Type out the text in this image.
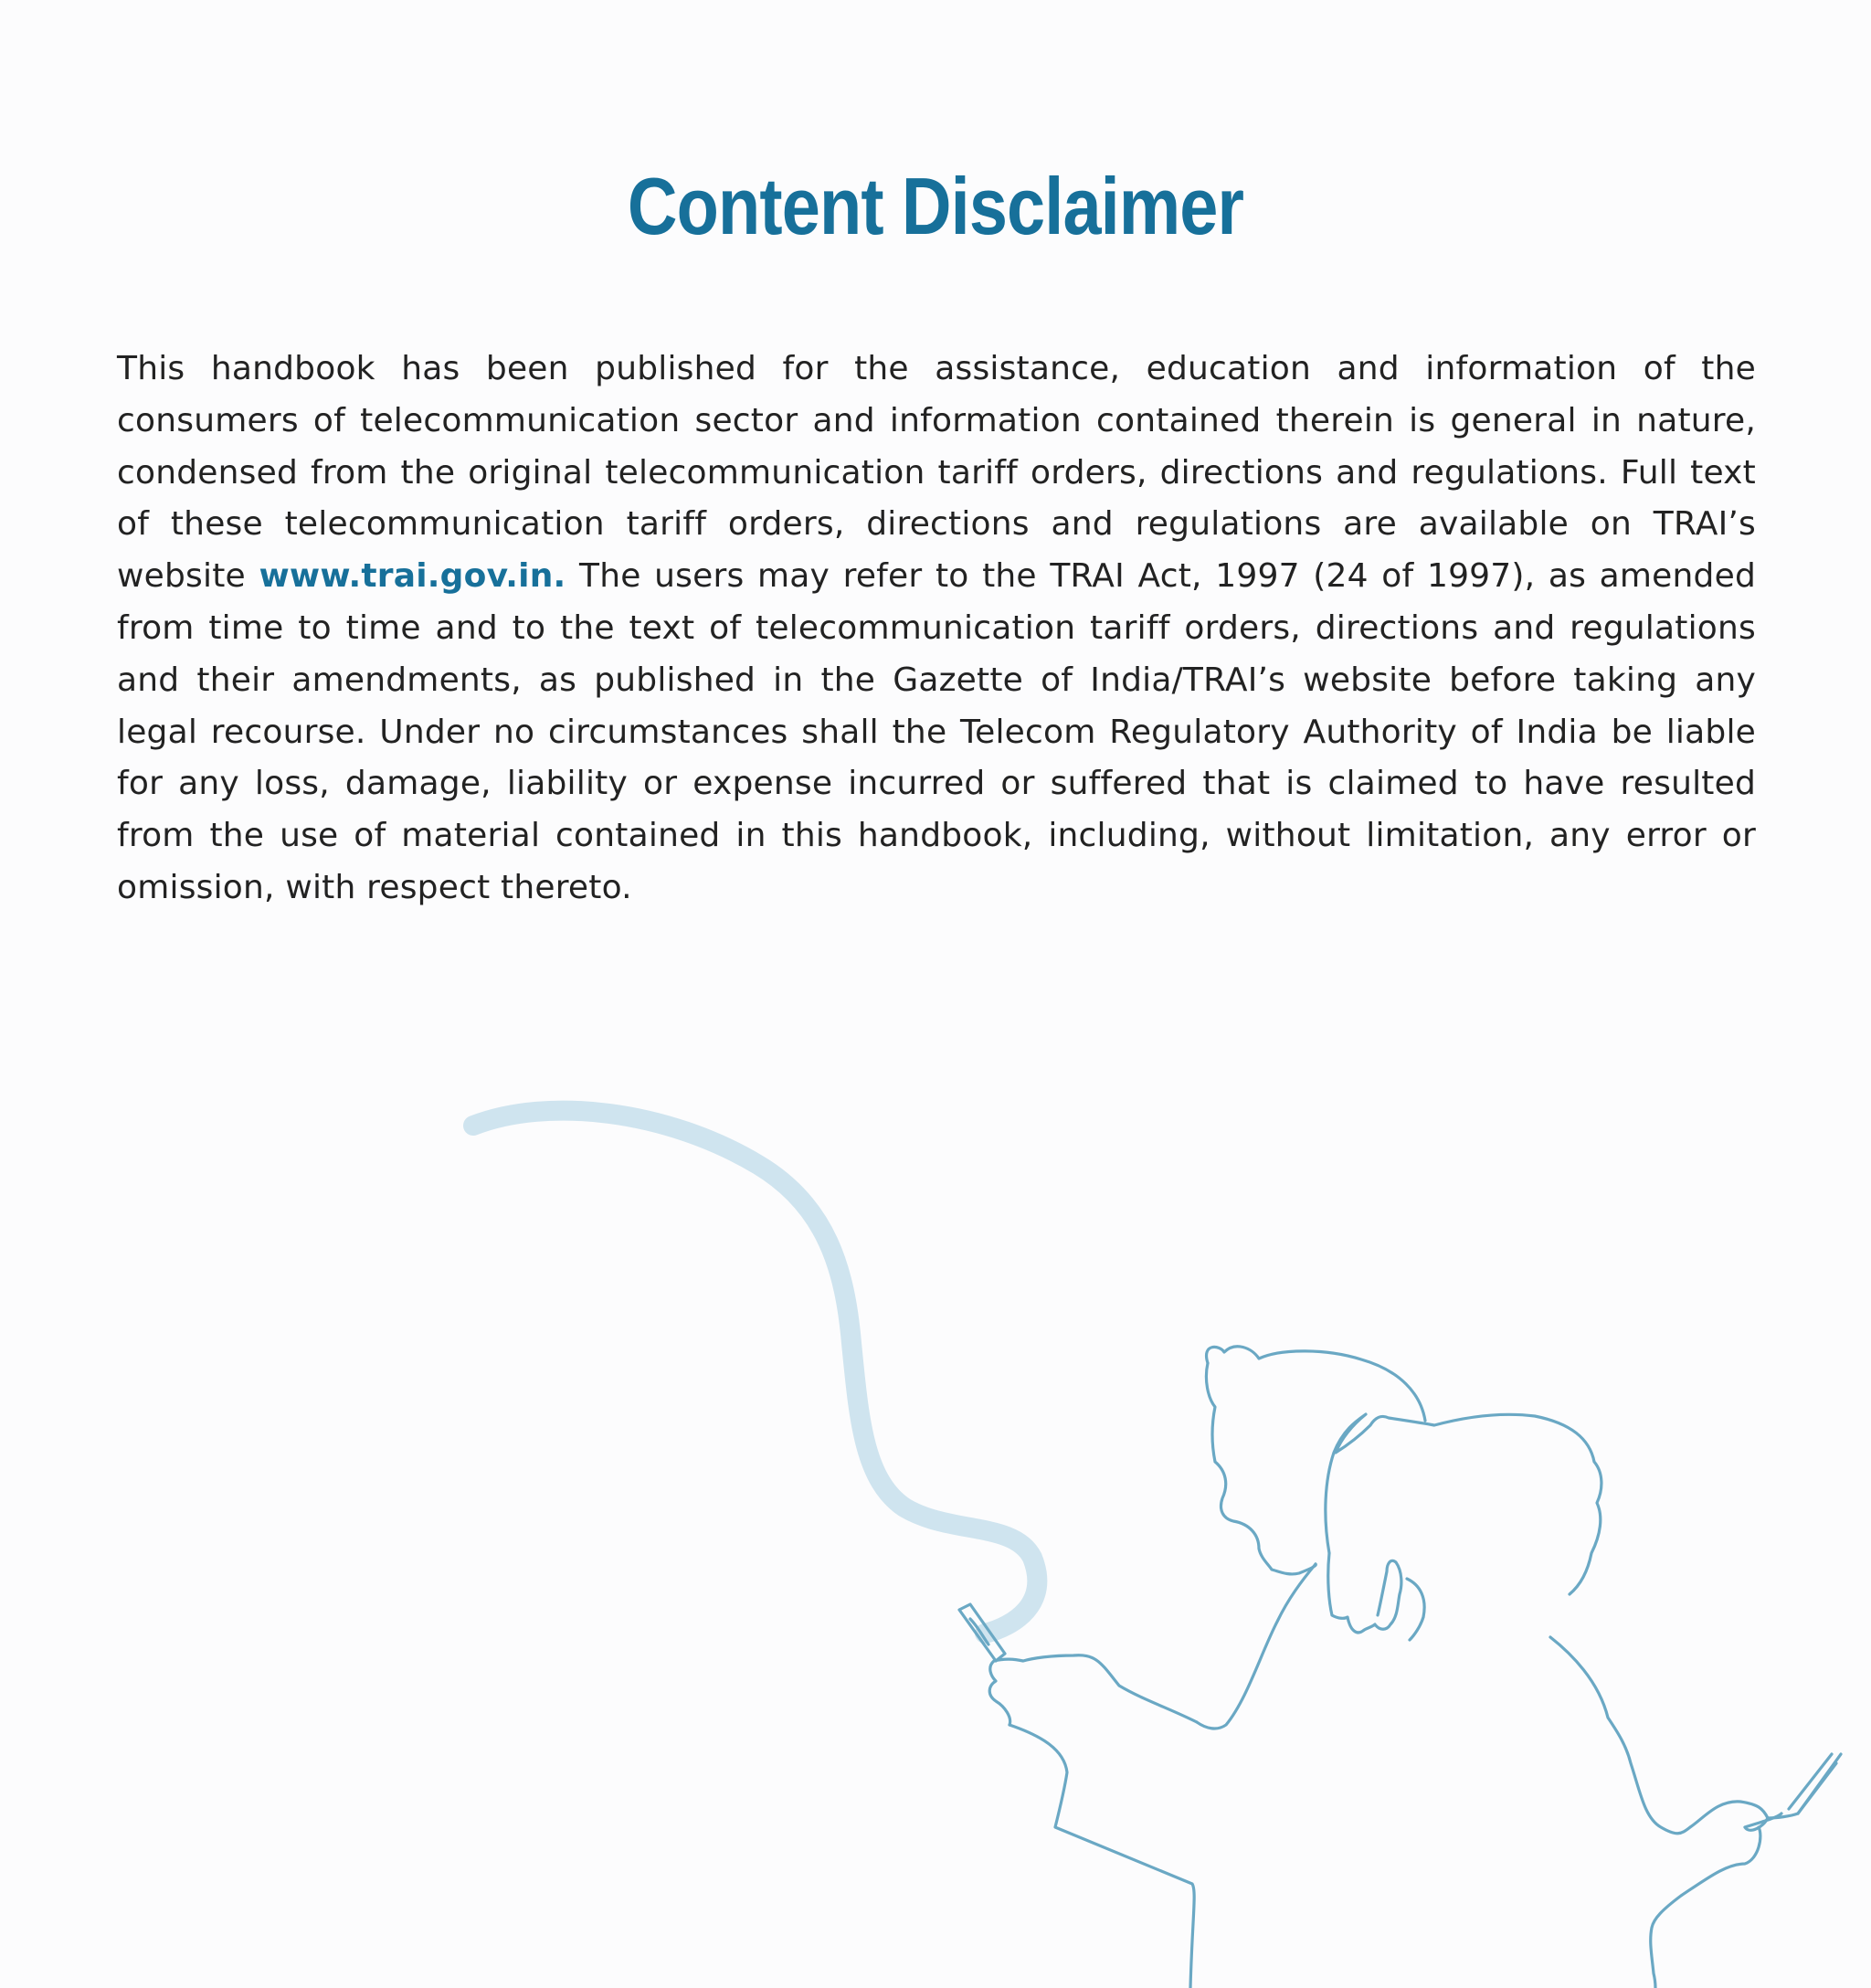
Content Disclaimer

This handbook has been published for the assistance, education and information of the consumers of telecommunication sector and information contained therein is general in nature, condensed from the original telecommunication tariff orders, directions and regulations. Full text of these telecommunication tariff orders, directions and regulations are available on TRAI’s website www.trai.gov.in. The users may refer to the TRAI Act, 1997 (24 of 1997), as amended from time to time and to the text of telecommunication tariff orders, directions and regulations and their amendments, as published in the Gazette of India/TRAI’s website before taking any legal recourse. Under no circumstances shall the Telecom Regulatory Authority of India be liable for any loss, damage, liability or expense incurred or suffered that is claimed to have resulted from the use of material contained in this handbook, including, without limitation, any error or omission, with respect thereto.
